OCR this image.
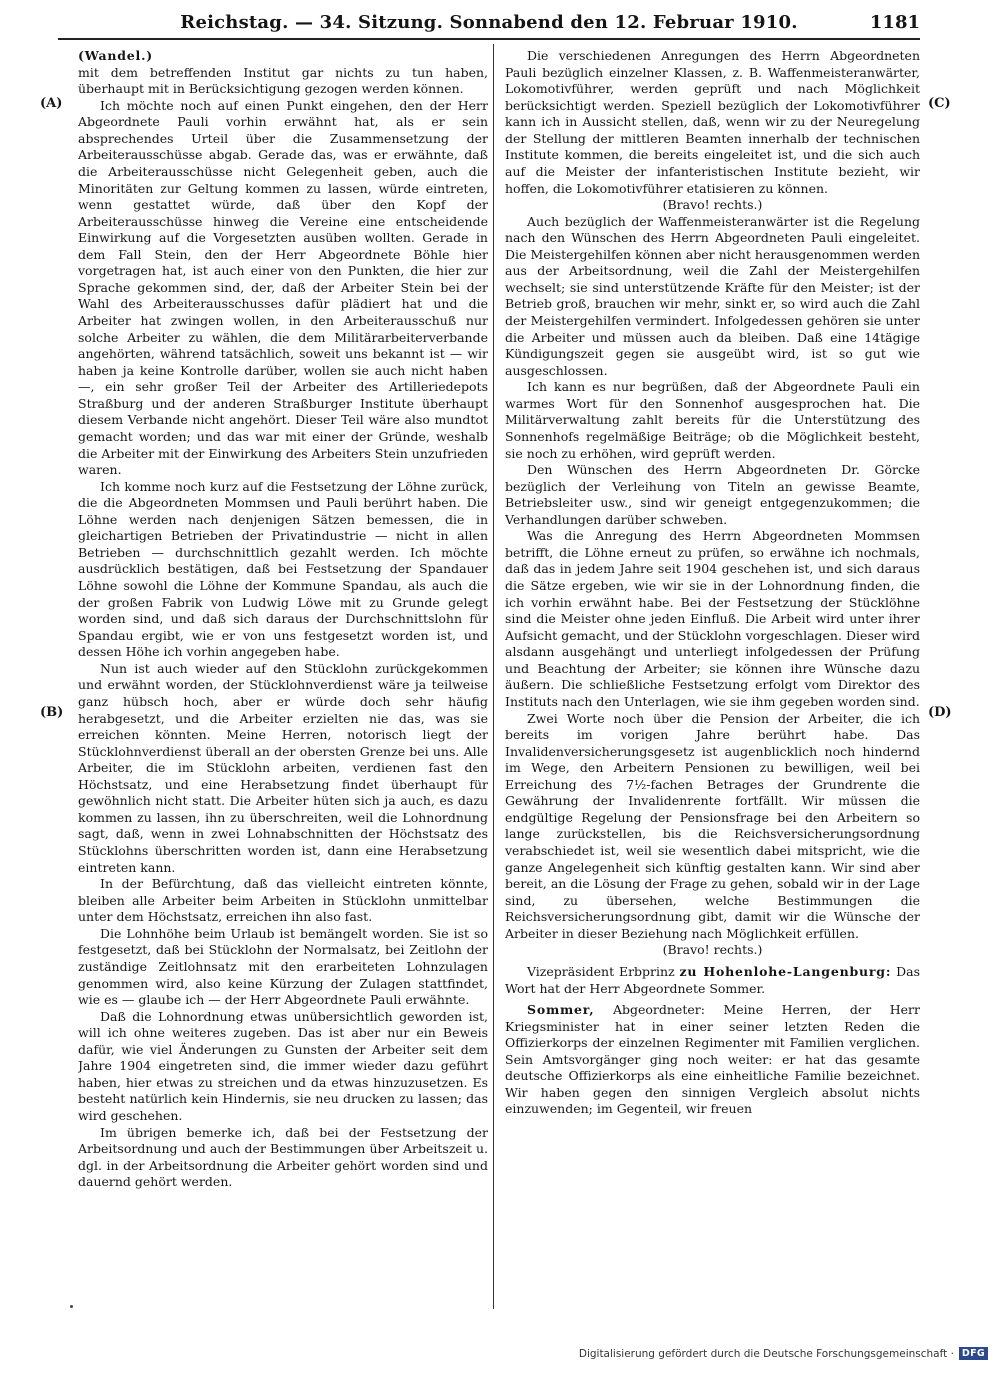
Reichstag. — 34. Sitzung. Sonnabend den 12. Februar 1910.	1181
(A)
(B)
(C)
(D)

(Wandel.)

mit dem betreffenden Institut gar nichts zu tun haben, überhaupt mit in Berücksichtigung gezogen werden können.

Ich möchte noch auf einen Punkt eingehen, den der Herr Abgeordnete Pauli vorhin erwähnt hat, als er sein absprechendes Urteil über die Zusammensetzung der Arbeiterausschüsse abgab. Gerade das, was er erwähnte, daß die Arbeiterausschüsse nicht Gelegenheit geben, auch die Minoritäten zur Geltung kommen zu lassen, würde eintreten, wenn gestattet würde, daß über den Kopf der Arbeiterausschüsse hinweg die Vereine eine entscheidende Einwirkung auf die Vorgesetzten ausüben wollten. Gerade in dem Fall Stein, den der Herr Abgeordnete Böhle hier vorgetragen hat, ist auch einer von den Punkten, die hier zur Sprache gekommen sind, der, daß der Arbeiter Stein bei der Wahl des Arbeiterausschusses dafür plädiert hat und die Arbeiter hat zwingen wollen, in den Arbeiterausschuß nur solche Arbeiter zu wählen, die dem Militärarbeiterverbande angehörten, während tatsächlich, soweit uns bekannt ist — wir haben ja keine Kontrolle darüber, wollen sie auch nicht haben —, ein sehr großer Teil der Arbeiter des Artilleriedepots Straßburg und der anderen Straßburger Institute überhaupt diesem Verbande nicht angehört. Dieser Teil wäre also mundtot gemacht worden; und das war mit einer der Gründe, weshalb die Arbeiter mit der Einwirkung des Arbeiters Stein unzufrieden waren.

Ich komme noch kurz auf die Festsetzung der Löhne zurück, die die Abgeordneten Mommsen und Pauli berührt haben. Die Löhne werden nach denjenigen Sätzen bemessen, die in gleichartigen Betrieben der Privatindustrie — nicht in allen Betrieben — durchschnittlich gezahlt werden. Ich möchte ausdrücklich bestätigen, daß bei Festsetzung der Spandauer Löhne sowohl die Löhne der Kommune Spandau, als auch die der großen Fabrik von Ludwig Löwe mit zu Grunde gelegt worden sind, und daß sich daraus der Durchschnittslohn für Spandau ergibt, wie er von uns festgesetzt worden ist, und dessen Höhe ich vorhin angegeben habe.

Nun ist auch wieder auf den Stücklohn zurückgekommen und erwähnt worden, der Stücklohnverdienst wäre ja teilweise ganz hübsch hoch, aber er würde doch sehr häufig herabgesetzt, und die Arbeiter erzielten nie das, was sie erreichen könnten. Meine Herren, notorisch liegt der Stücklohnverdienst überall an der obersten Grenze bei uns. Alle Arbeiter, die im Stücklohn arbeiten, verdienen fast den Höchstsatz, und eine Herabsetzung findet überhaupt für gewöhnlich nicht statt. Die Arbeiter hüten sich ja auch, es dazu kommen zu lassen, ihn zu überschreiten, weil die Lohnordnung sagt, daß, wenn in zwei Lohnabschnitten der Höchstsatz des Stücklohns überschritten worden ist, dann eine Herabsetzung eintreten kann.

In der Befürchtung, daß das vielleicht eintreten könnte, bleiben alle Arbeiter beim Arbeiten in Stücklohn unmittelbar unter dem Höchstsatz, erreichen ihn also fast.

Die Lohnhöhe beim Urlaub ist bemängelt worden. Sie ist so festgesetzt, daß bei Stücklohn der Normalsatz, bei Zeitlohn der zuständige Zeitlohnsatz mit den erarbeiteten Lohnzulagen genommen wird, also keine Kürzung der Zulagen stattfindet, wie es — glaube ich — der Herr Abgeordnete Pauli erwähnte.

Daß die Lohnordnung etwas unübersichtlich geworden ist, will ich ohne weiteres zugeben. Das ist aber nur ein Beweis dafür, wie viel Änderungen zu Gunsten der Arbeiter seit dem Jahre 1904 eingetreten sind, die immer wieder dazu geführt haben, hier etwas zu streichen und da etwas hinzuzusetzen. Es besteht natürlich kein Hindernis, sie neu drucken zu lassen; das wird geschehen.

Im übrigen bemerke ich, daß bei der Festsetzung der Arbeitsordnung und auch der Bestimmungen über Arbeitszeit u. dgl. in der Arbeitsordnung die Arbeiter gehört worden sind und dauernd gehört werden.

Die verschiedenen Anregungen des Herrn Abgeordneten Pauli bezüglich einzelner Klassen, z. B. Waffenmeisteranwärter, Lokomotivführer, werden geprüft und nach Möglichkeit berücksichtigt werden. Speziell bezüglich der Lokomotivführer kann ich in Aussicht stellen, daß, wenn wir zu der Neuregelung der Stellung der mittleren Beamten innerhalb der technischen Institute kommen, die bereits eingeleitet ist, und die sich auch auf die Meister der infanteristischen Institute bezieht, wir hoffen, die Lokomotivführer etatisieren zu können.

(Bravo! rechts.)

Auch bezüglich der Waffenmeisteranwärter ist die Regelung nach den Wünschen des Herrn Abgeordneten Pauli eingeleitet. Die Meistergehilfen können aber nicht herausgenommen werden aus der Arbeitsordnung, weil die Zahl der Meistergehilfen wechselt; sie sind unterstützende Kräfte für den Meister; ist der Betrieb groß, brauchen wir mehr, sinkt er, so wird auch die Zahl der Meistergehilfen vermindert. Infolgedessen gehören sie unter die Arbeiter und müssen auch da bleiben. Daß eine 14tägige Kündigungszeit gegen sie ausgeübt wird, ist so gut wie ausgeschlossen.

Ich kann es nur begrüßen, daß der Abgeordnete Pauli ein warmes Wort für den Sonnenhof ausgesprochen hat. Die Militärverwaltung zahlt bereits für die Unterstützung des Sonnenhofs regelmäßige Beiträge; ob die Möglichkeit besteht, sie noch zu erhöhen, wird geprüft werden.

Den Wünschen des Herrn Abgeordneten Dr. Görcke bezüglich der Verleihung von Titeln an gewisse Beamte, Betriebsleiter usw., sind wir geneigt entgegenzukommen; die Verhandlungen darüber schweben.

Was die Anregung des Herrn Abgeordneten Mommsen betrifft, die Löhne erneut zu prüfen, so erwähne ich nochmals, daß das in jedem Jahre seit 1904 geschehen ist, und sich daraus die Sätze ergeben, wie wir sie in der Lohnordnung finden, die ich vorhin erwähnt habe. Bei der Festsetzung der Stücklöhne sind die Meister ohne jeden Einfluß. Die Arbeit wird unter ihrer Aufsicht gemacht, und der Stücklohn vorgeschlagen. Dieser wird alsdann ausgehängt und unterliegt infolgedessen der Prüfung und Beachtung der Arbeiter; sie können ihre Wünsche dazu äußern. Die schließliche Festsetzung erfolgt vom Direktor des Instituts nach den Unterlagen, wie sie ihm gegeben worden sind.

Zwei Worte noch über die Pension der Arbeiter, die ich bereits im vorigen Jahre berührt habe. Das Invalidenversicherungsgesetz ist augenblicklich noch hindernd im Wege, den Arbeitern Pensionen zu bewilligen, weil bei Erreichung des 7½-fachen Betrages der Grundrente die Gewährung der Invalidenrente fortfällt. Wir müssen die endgültige Regelung der Pensionsfrage bei den Arbeitern so lange zurückstellen, bis die Reichsversicherungsordnung verabschiedet ist, weil sie wesentlich dabei mitspricht, wie die ganze Angelegenheit sich künftig gestalten kann. Wir sind aber bereit, an die Lösung der Frage zu gehen, sobald wir in der Lage sind, zu übersehen, welche Bestimmungen die Reichsversicherungsordnung gibt, damit wir die Wünsche der Arbeiter in dieser Beziehung nach Möglichkeit erfüllen.

(Bravo! rechts.)

Vizepräsident Erbprinz zu Hohenlohe-Langenburg: Das Wort hat der Herr Abgeordnete Sommer.

Sommer, Abgeordneter: Meine Herren, der Herr Kriegsminister hat in einer seiner letzten Reden die Offizierkorps der einzelnen Regimenter mit Familien verglichen. Sein Amtsvorgänger ging noch weiter: er hat das gesamte deutsche Offizierkorps als eine einheitliche Familie bezeichnet. Wir haben gegen den sinnigen Vergleich absolut nichts einzuwenden; im Gegenteil, wir freuen

Digitalisierung gefördert durch die Deutsche Forschungsgemeinschaft · DFG
